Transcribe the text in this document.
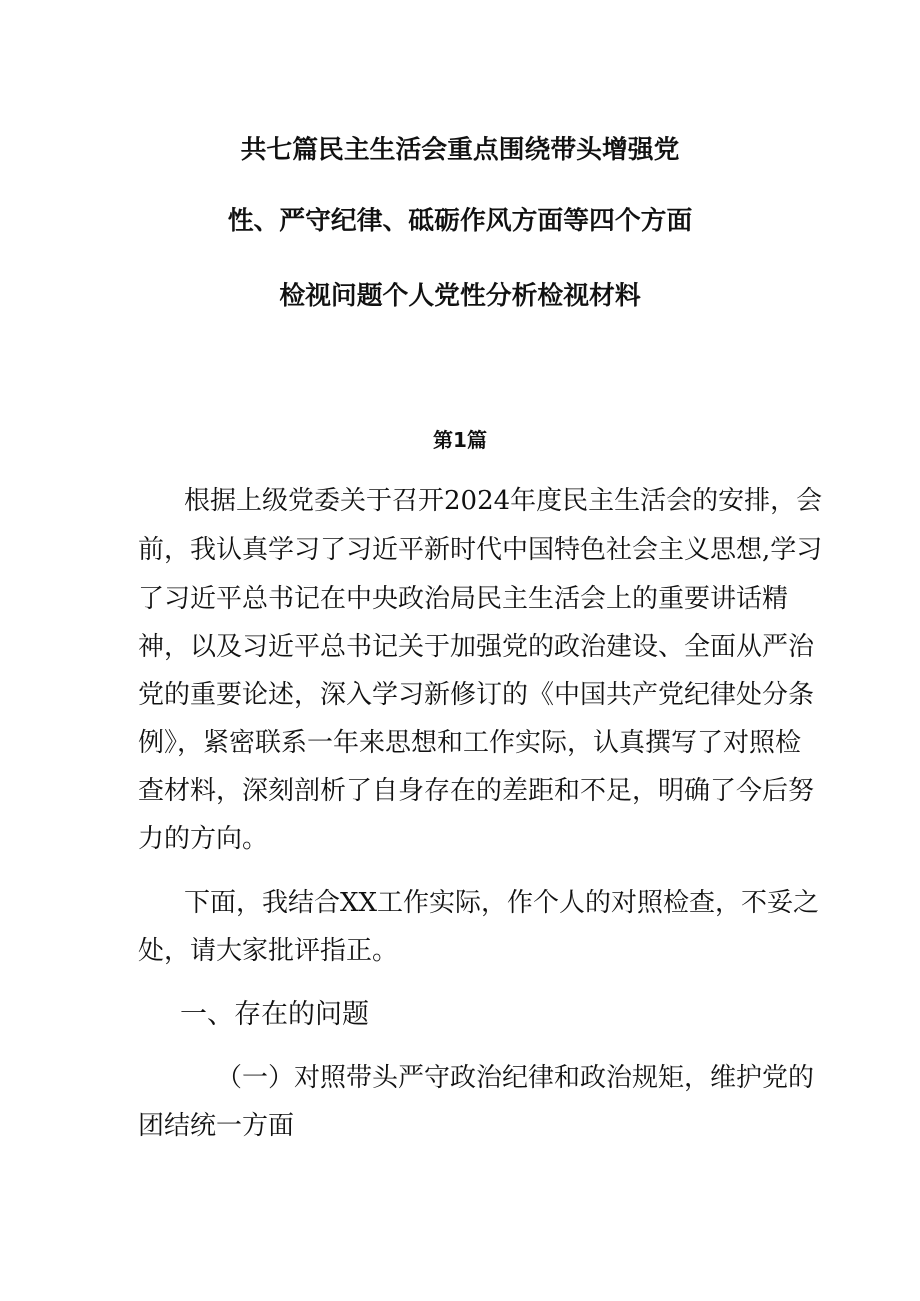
共七篇民主生活会重点围绕带头增强党
性、严守纪律、砥砺作风方面等四个方面
检视问题个人党性分析检视材料
第1篇
根据上级党委关于召开2024年度民主生活会的安排，会
前，我认真学习了习近平新时代中国特色社会主义思想,学习
了习近平总书记在中央政治局民主生活会上的重要讲话精
神，以及习近平总书记关于加强党的政治建设、全面从严治
党的重要论述，深入学习新修订的《中国共产党纪律处分条
例》，紧密联系一年来思想和工作实际，认真撰写了对照检
查材料，深刻剖析了自身存在的差距和不足，明确了今后努
力的方向。
下面，我结合XX工作实际，作个人的对照检查，不妥之
处，请大家批评指正。
一、存在的问题
（一）对照带头严守政治纪律和政治规矩，维护党的
团结统一方面
